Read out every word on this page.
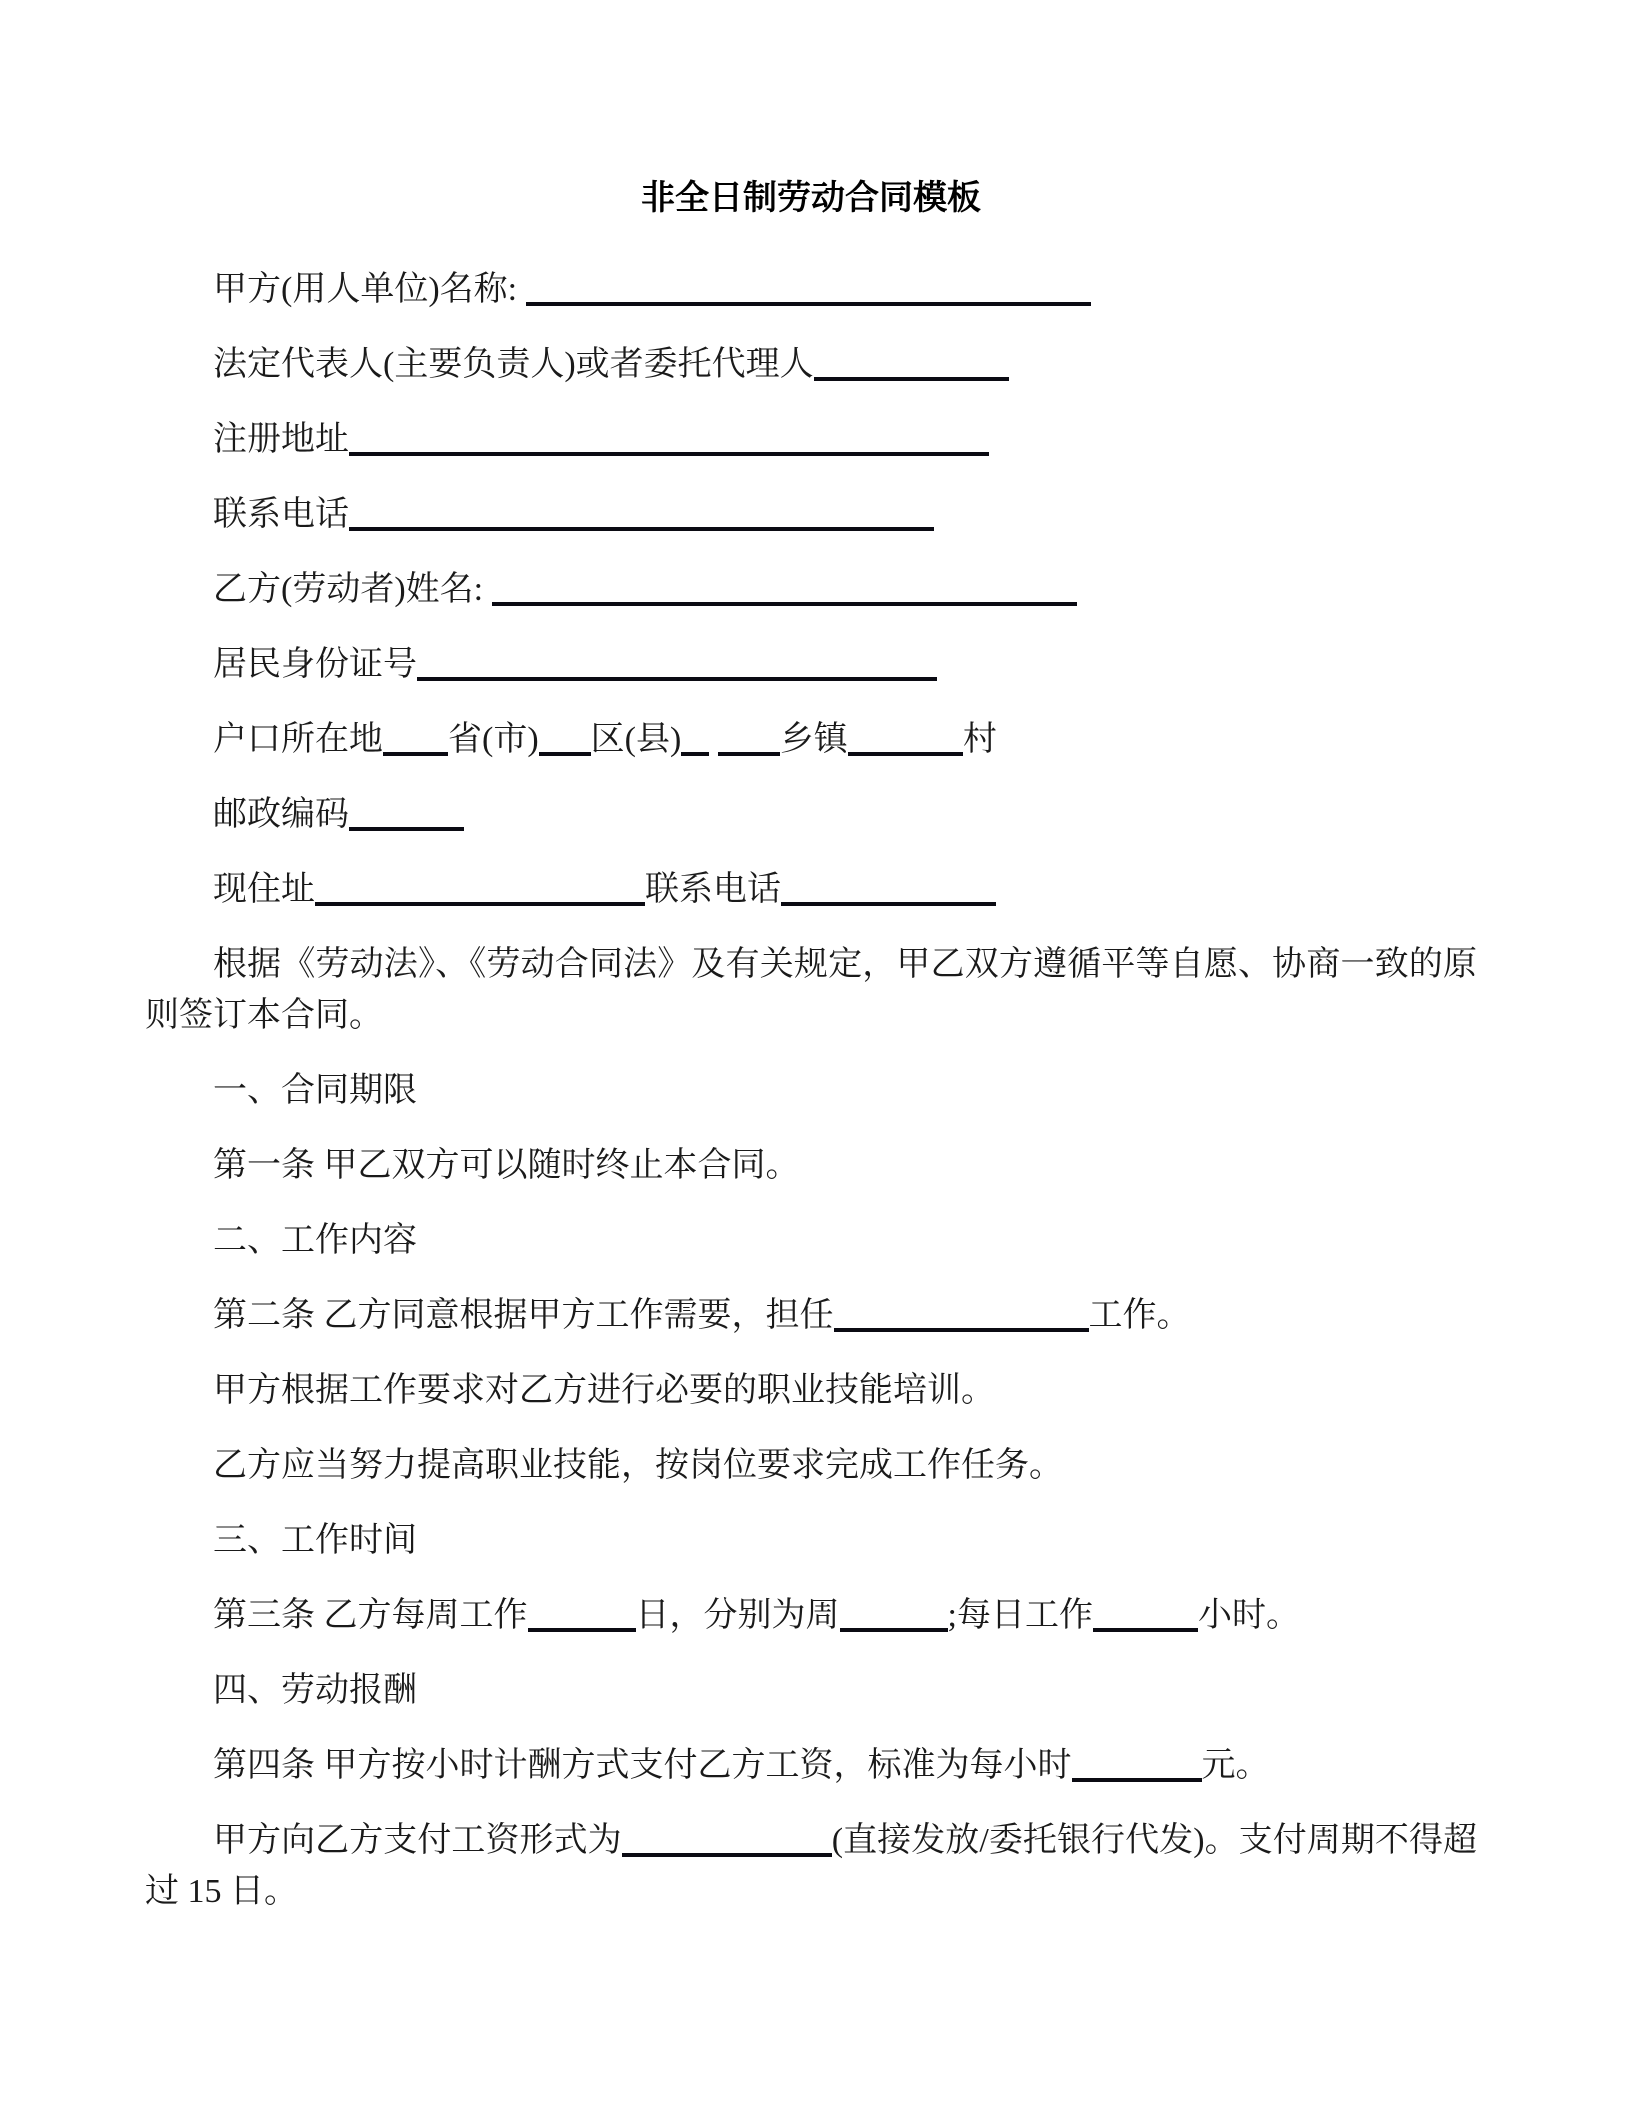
非全日制劳动合同模板

甲方(用人单位)名称:

法定代表人(主要负责人)或者委托代理人

注册地址

联系电话

乙方(劳动者)姓名:

居民身份证号

户口所在地 省(市) 区(县)	乡镇	村

邮政编码

现住址	联系电话

根据《劳动法》、《劳动合同法》及有关规定，甲乙双方遵循平等自愿、协商一致的原则签订本合同。

一、合同期限

第一条 甲乙双方可以随时终止本合同。

二、工作内容

第二条 乙方同意根据甲方工作需要，担任	工作。

甲方根据工作要求对乙方进行必要的职业技能培训。

乙方应当努力提高职业技能，按岗位要求完成工作任务。

三、工作时间

第三条 乙方每周工作	日，分别为周	;每日工作	小时。

四、劳动报酬

第四条 甲方按小时计酬方式支付乙方工资，标准为每小时	元。

甲方向乙方支付工资形式为	(直接发放/委托银行代发)。支付周期不得超过 15 日。
